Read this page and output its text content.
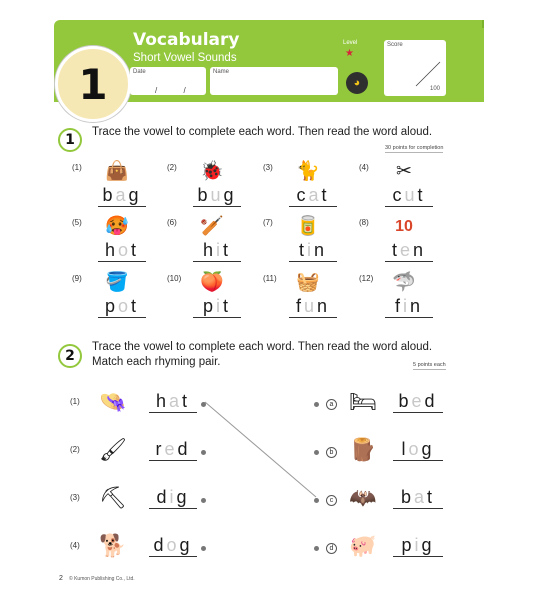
1
Vocabulary
Short Vowel Sounds
Date
/ /
Name
Level
★
◕
Score
100
1	Trace the vowel to complete each word. Then read the word aloud.
30 points for completion
2
Trace the vowel to complete each word. Then read the word aloud.
Match each rhyming pair.	5 points each
2 © Kumon Publishing Co., Ltd.
(1) 👜
bag
(2) 🐞
bug
(3) 🐈
cat
(4) ✂
cut
(5) 🥵
hot
(6) 🏏
hit
(7) 🥫
tin
(8) 10
ten
(9) 🪣
pot
(10) 🍑
pit
(11) 🧺
fun
(12) 🦈
fin
(1) 👒	hat
(2) 🖌	red
(3) ⛏	dig
(4) 🐕 dog
a 🛏	bed
b 🪵	log
c 🦇	bat
d 🐖	pig
